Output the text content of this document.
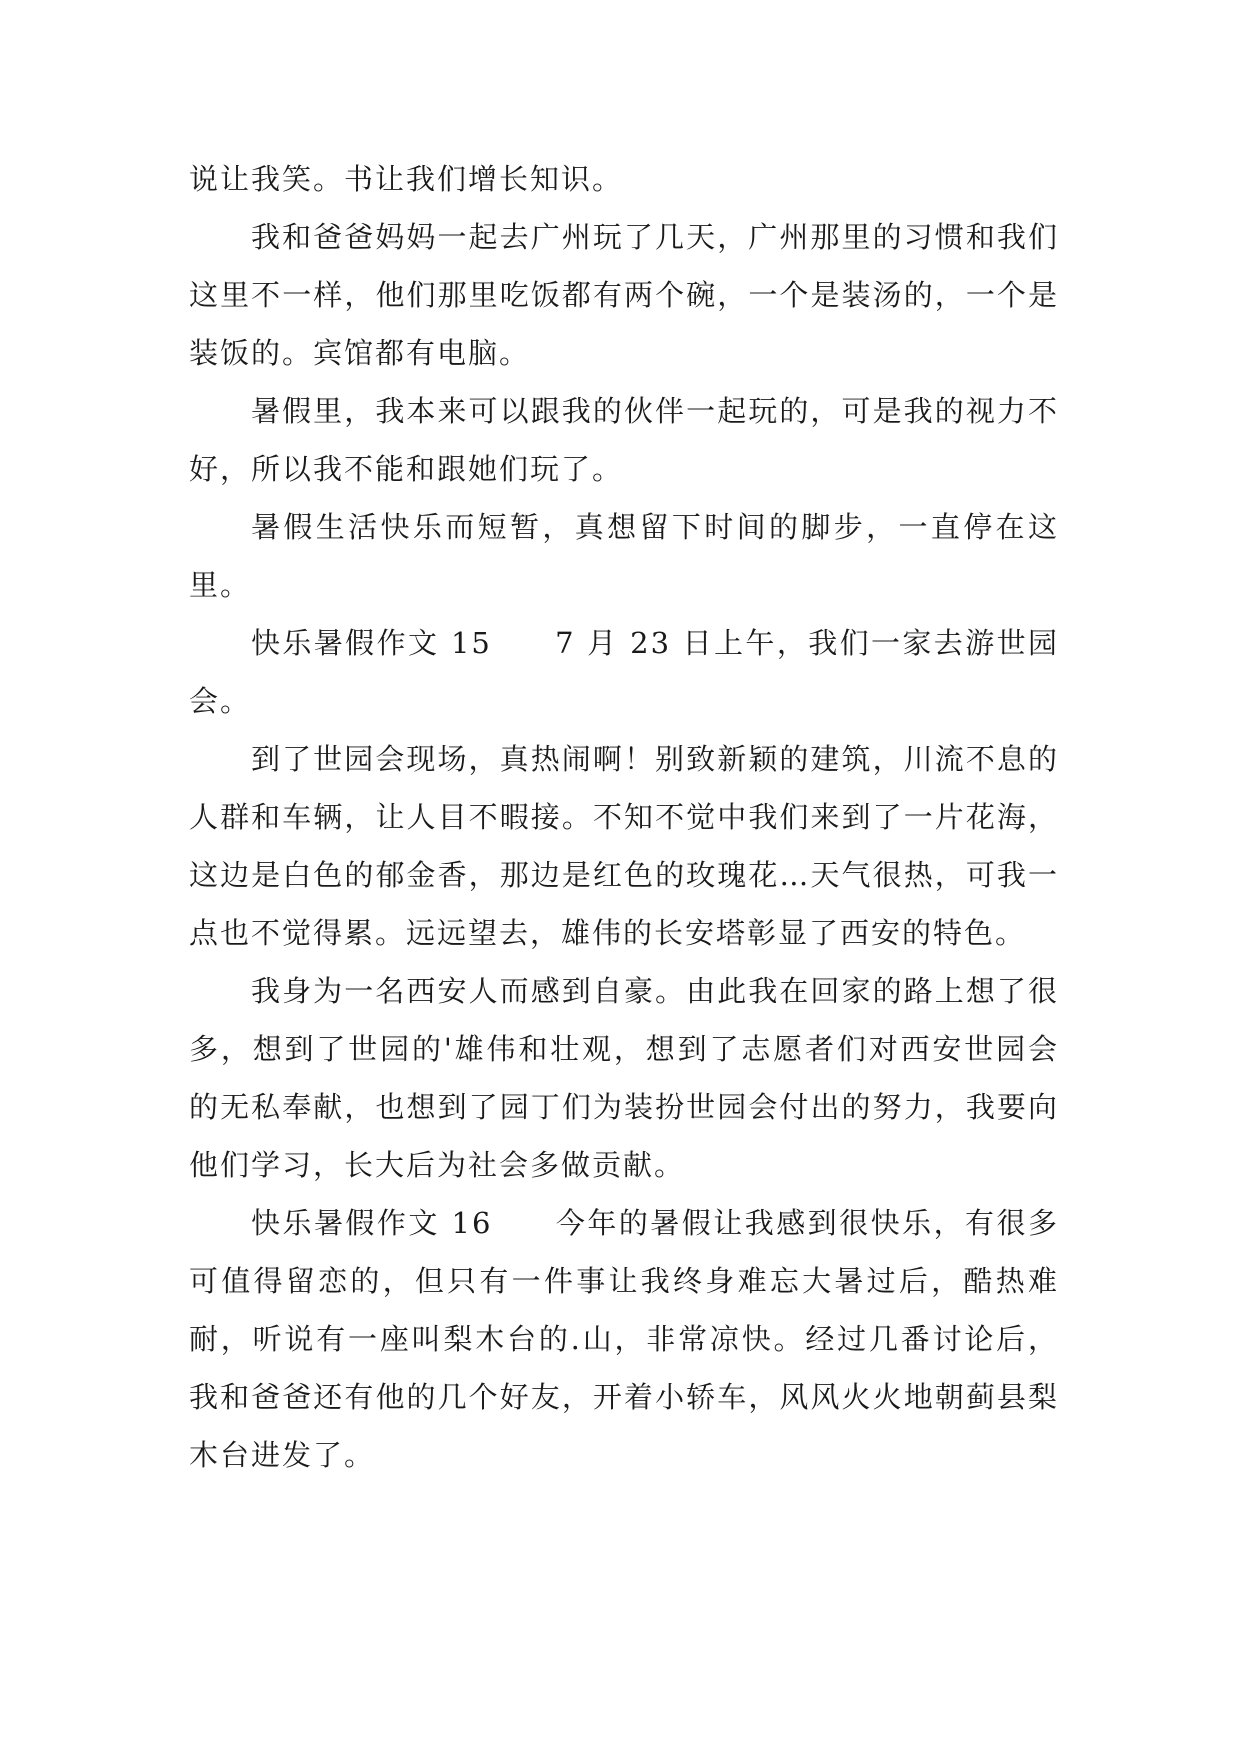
说让我笑。书让我们增长知识。

我和爸爸妈妈一起去广州玩了几天，广州那里的习惯和我们这里不一样，他们那里吃饭都有两个碗，一个是装汤的，一个是装饭的。宾馆都有电脑。

暑假里，我本来可以跟我的伙伴一起玩的，可是我的视力不好，所以我不能和跟她们玩了。

暑假生活快乐而短暂，真想留下时间的脚步，一直停在这里。

快乐暑假作文 15　　7 月 23 日上午，我们一家去游世园会。

到了世园会现场，真热闹啊！别致新颖的建筑，川流不息的人群和车辆，让人目不暇接。不知不觉中我们来到了一片花海，这边是白色的郁金香，那边是红色的玫瑰花…天气很热，可我一点也不觉得累。远远望去，雄伟的长安塔彰显了西安的特色。

我身为一名西安人而感到自豪。由此我在回家的路上想了很多，想到了世园的'雄伟和壮观，想到了志愿者们对西安世园会的无私奉献，也想到了园丁们为装扮世园会付出的努力，我要向他们学习，长大后为社会多做贡献。

快乐暑假作文 16　　今年的暑假让我感到很快乐，有很多可值得留恋的，但只有一件事让我终身难忘大暑过后，酷热难耐，听说有一座叫梨木台的.山，非常凉快。经过几番讨论后，我和爸爸还有他的几个好友，开着小轿车，风风火火地朝蓟县梨木台进发了。
